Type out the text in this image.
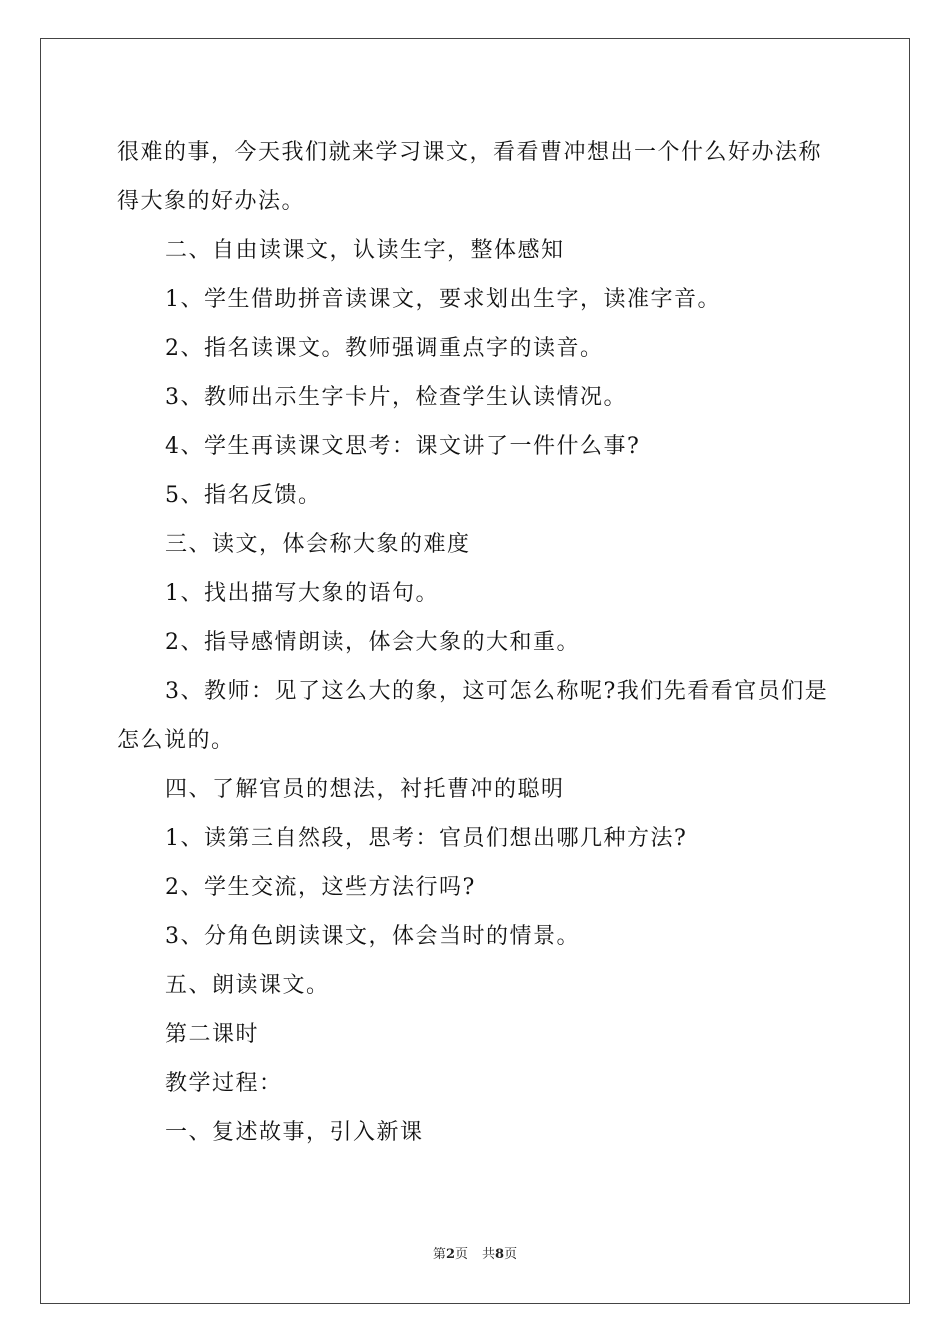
很难的事，今天我们就来学习课文，看看曹冲想出一个什么好办法称得大象的好办法。

二、自由读课文，认读生字，整体感知

1、学生借助拼音读课文，要求划出生字，读准字音。

2、指名读课文。教师强调重点字的读音。

3、教师出示生字卡片，检查学生认读情况。

4、学生再读课文思考：课文讲了一件什么事?

5、指名反馈。

三、读文，体会称大象的难度

1、找出描写大象的语句。

2、指导感情朗读，体会大象的大和重。

3、教师：见了这么大的象，这可怎么称呢?我们先看看官员们是怎么说的。

四、了解官员的想法，衬托曹冲的聪明

1、读第三自然段，思考：官员们想出哪几种方法?

2、学生交流，这些方法行吗?

3、分角色朗读课文，体会当时的情景。

五、朗读课文。

第二课时

教学过程：

一、复述故事，引入新课

第2页 共8页
